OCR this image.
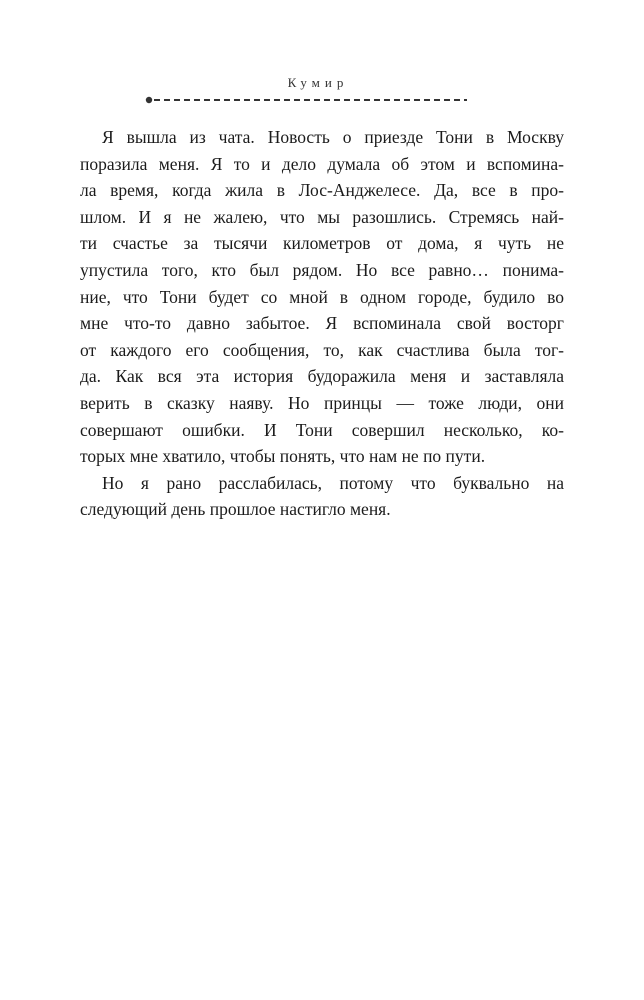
Кумир
Я вышла из чата. Новость о приезде Тони в Москву
поразила меня. Я то и дело думала об этом и вспомина-
ла время, когда жила в Лос-Анджелесе. Да, все в про-
шлом. И я не жалею, что мы разошлись. Стремясь най-
ти счастье за тысячи километров от дома, я чуть не
упустила того, кто был рядом. Но все равно… понима-
ние, что Тони будет со мной в одном городе, будило во
мне что-то давно забытое. Я вспоминала свой восторг
от каждого его сообщения, то, как счастлива была тог-
да. Как вся эта история будоражила меня и заставляла
верить в сказку наяву. Но принцы — тоже люди, они
совершают ошибки. И Тони совершил несколько, ко-
торых мне хватило, чтобы понять, что нам не по пути.
Но я рано расслабилась, потому что буквально на
следующий день прошлое настигло меня.
